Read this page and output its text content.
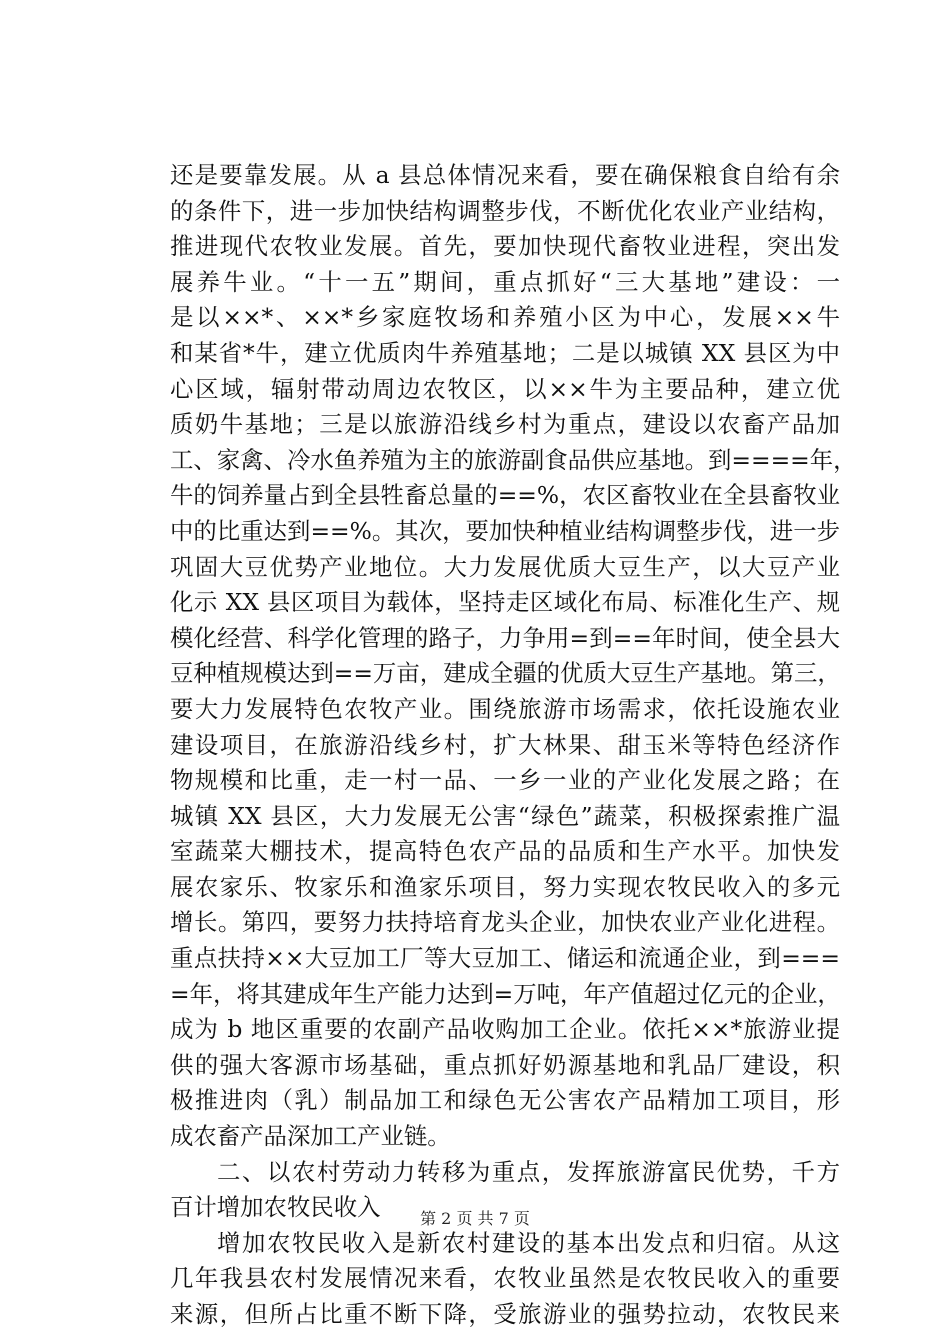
还是要靠发展。从 a 县总体情况来看，要在确保粮食自给有余
的条件下，进一步加快结构调整步伐，不断优化农业产业结构，
推进现代农牧业发展。首先，要加快现代畜牧业进程，突出发
展养牛业。“十一五”期间，重点抓好“三大基地”建设：一
是以××*、××*乡家庭牧场和养殖小区为中心，发展××牛
和某省*牛，建立优质肉牛养殖基地；二是以城镇 XX 县区为中
心区域，辐射带动周边农牧区，以××牛为主要品种，建立优
质奶牛基地；三是以旅游沿线乡村为重点，建设以农畜产品加
工、家禽、冷水鱼养殖为主的旅游副食品供应基地。到====年，
牛的饲养量占到全县牲畜总量的==%，农区畜牧业在全县畜牧业
中的比重达到==%。其次，要加快种植业结构调整步伐，进一步
巩固大豆优势产业地位。大力发展优质大豆生产，以大豆产业
化示 XX 县区项目为载体，坚持走区域化布局、标准化生产、规
模化经营、科学化管理的路子，力争用=到==年时间，使全县大
豆种植规模达到==万亩，建成全疆的优质大豆生产基地。第三，
要大力发展特色农牧产业。围绕旅游市场需求，依托设施农业
建设项目，在旅游沿线乡村，扩大林果、甜玉米等特色经济作
物规模和比重，走一村一品、一乡一业的产业化发展之路；在
城镇 XX 县区，大力发展无公害“绿色”蔬菜，积极探索推广温
室蔬菜大棚技术，提高特色农产品的品质和生产水平。加快发
展农家乐、牧家乐和渔家乐项目，努力实现农牧民收入的多元
增长。第四，要努力扶持培育龙头企业，加快农业产业化进程。
重点扶持××大豆加工厂等大豆加工、储运和流通企业，到===
=年，将其建成年生产能力达到=万吨，年产值超过亿元的企业，
成为 b 地区重要的农副产品收购加工企业。依托××*旅游业提
供的强大客源市场基础，重点抓好奶源基地和乳品厂建设，积
极推进肉（乳）制品加工和绿色无公害农产品精加工项目，形
成农畜产品深加工产业链。
二、以农村劳动力转移为重点，发挥旅游富民优势，千方
百计增加农牧民收入
增加农牧民收入是新农村建设的基本出发点和归宿。从这
几年我县农村发展情况来看，农牧业虽然是农牧民收入的重要
来源，但所占比重不断下降，受旅游业的强势拉动，农牧民来
第 2 页 共 7 页
